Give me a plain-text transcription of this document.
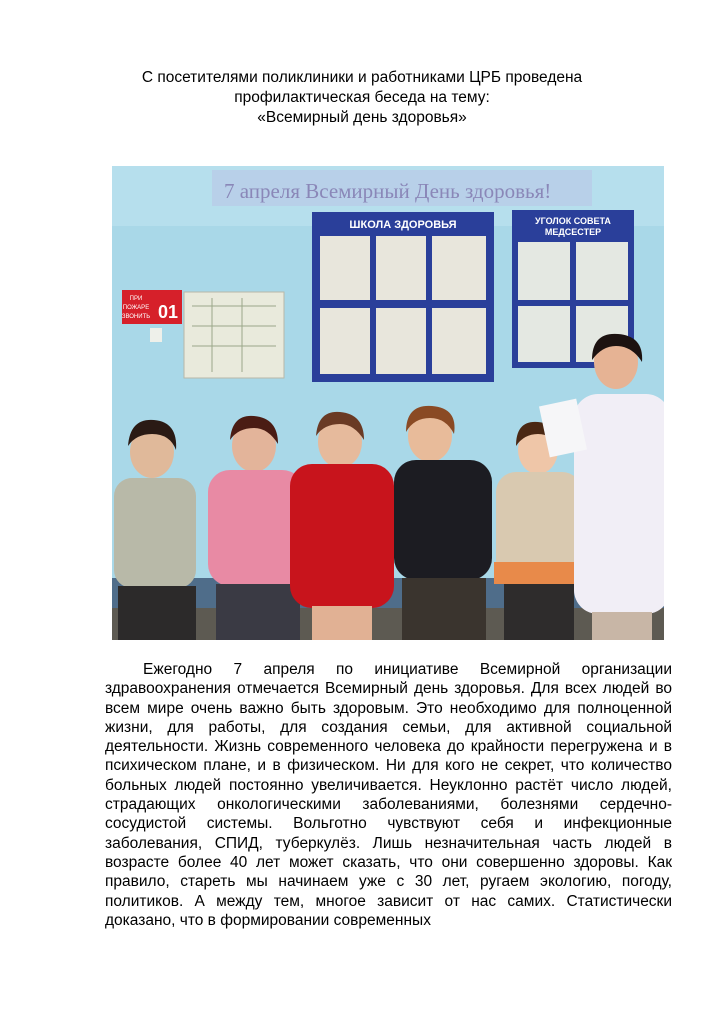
С посетителями поликлиники и работниками ЦРБ проведена
профилактическая беседа на тему:
«Всемирный день здоровья»
7 апреля Всемирный День здоровья!
ШКОЛА ЗДОРОВЬЯ	УГОЛОК СОВЕТА
МЕДСЕСТЕР
ПРИ
ПОЖАРЕ
ЗВОНИТЬ 01
Ежегодно 7 апреля по инициативе Всемирной организации здравоохранения отмечается Всемирный день здоровья. Для всех людей во всем мире очень важно быть здоровым. Это необходимо для полноценной жизни, для работы, для создания семьи, для активной социальной деятельности. Жизнь современного человека до крайности перегружена и в психическом плане, и в физическом. Ни для кого не секрет, что количество больных людей постоянно увеличивается. Неуклонно растёт число людей, страдающих онкологическими заболеваниями, болезнями сердечно-сосудистой системы. Вольготно чувствуют себя и инфекционные заболевания, СПИД, туберкулёз. Лишь незначительная часть людей в возрасте более 40 лет может сказать, что они совершенно здоровы. Как правило, стареть мы начинаем уже с 30 лет, ругаем экологию, погоду, политиков. А между тем, многое зависит от нас самих. Статистически доказано, что в формировании современных
